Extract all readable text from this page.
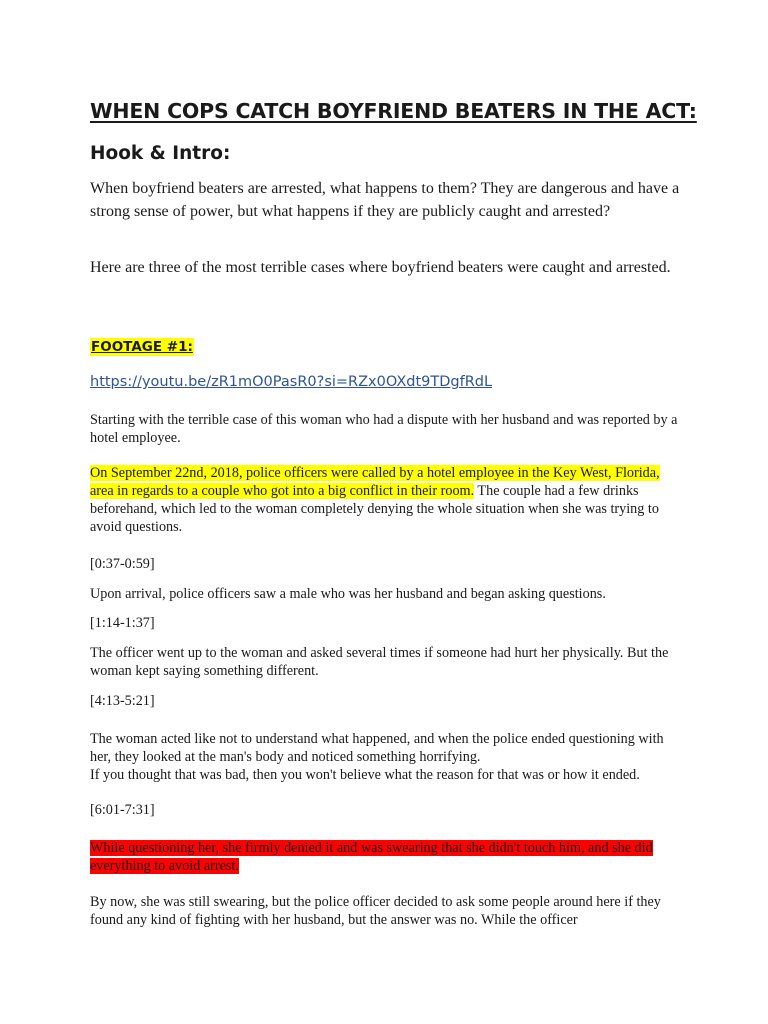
WHEN COPS CATCH BOYFRIEND BEATERS IN THE ACT:
Hook & Intro:

When boyfriend beaters are arrested, what happens to them? They are dangerous and have a strong sense of power, but what happens if they are publicly caught and arrested?

Here are three of the most terrible cases where boyfriend beaters were caught and arrested.

FOOTAGE #1:

https://youtu.be/zR1mO0PasR0?si=RZx0OXdt9TDgfRdL

Starting with the terrible case of this woman who had a dispute with her husband and was reported by a hotel employee.

On September 22nd, 2018, police officers were called by a hotel employee in the Key West, Florida, area in regards to a couple who got into a big conflict in their room. The couple had a few drinks beforehand, which led to the woman completely denying the whole situation when she was trying to avoid questions.

[0:37-0:59]

Upon arrival, police officers saw a male who was her husband and began asking questions.

[1:14-1:37]

The officer went up to the woman and asked several times if someone had hurt her physically. But the woman kept saying something different.

[4:13-5:21]

The woman acted like not to understand what happened, and when the police ended questioning with her, they looked at the man's body and noticed something horrifying.
If you thought that was bad, then you won't believe what the reason for that was or how it ended.

[6:01-7:31]

While questioning her, she firmly denied it and was swearing that she didn't touch him, and she did everything to avoid arrest.

By now, she was still swearing, but the police officer decided to ask some people around here if they found any kind of fighting with her husband, but the answer was no. While the officer
